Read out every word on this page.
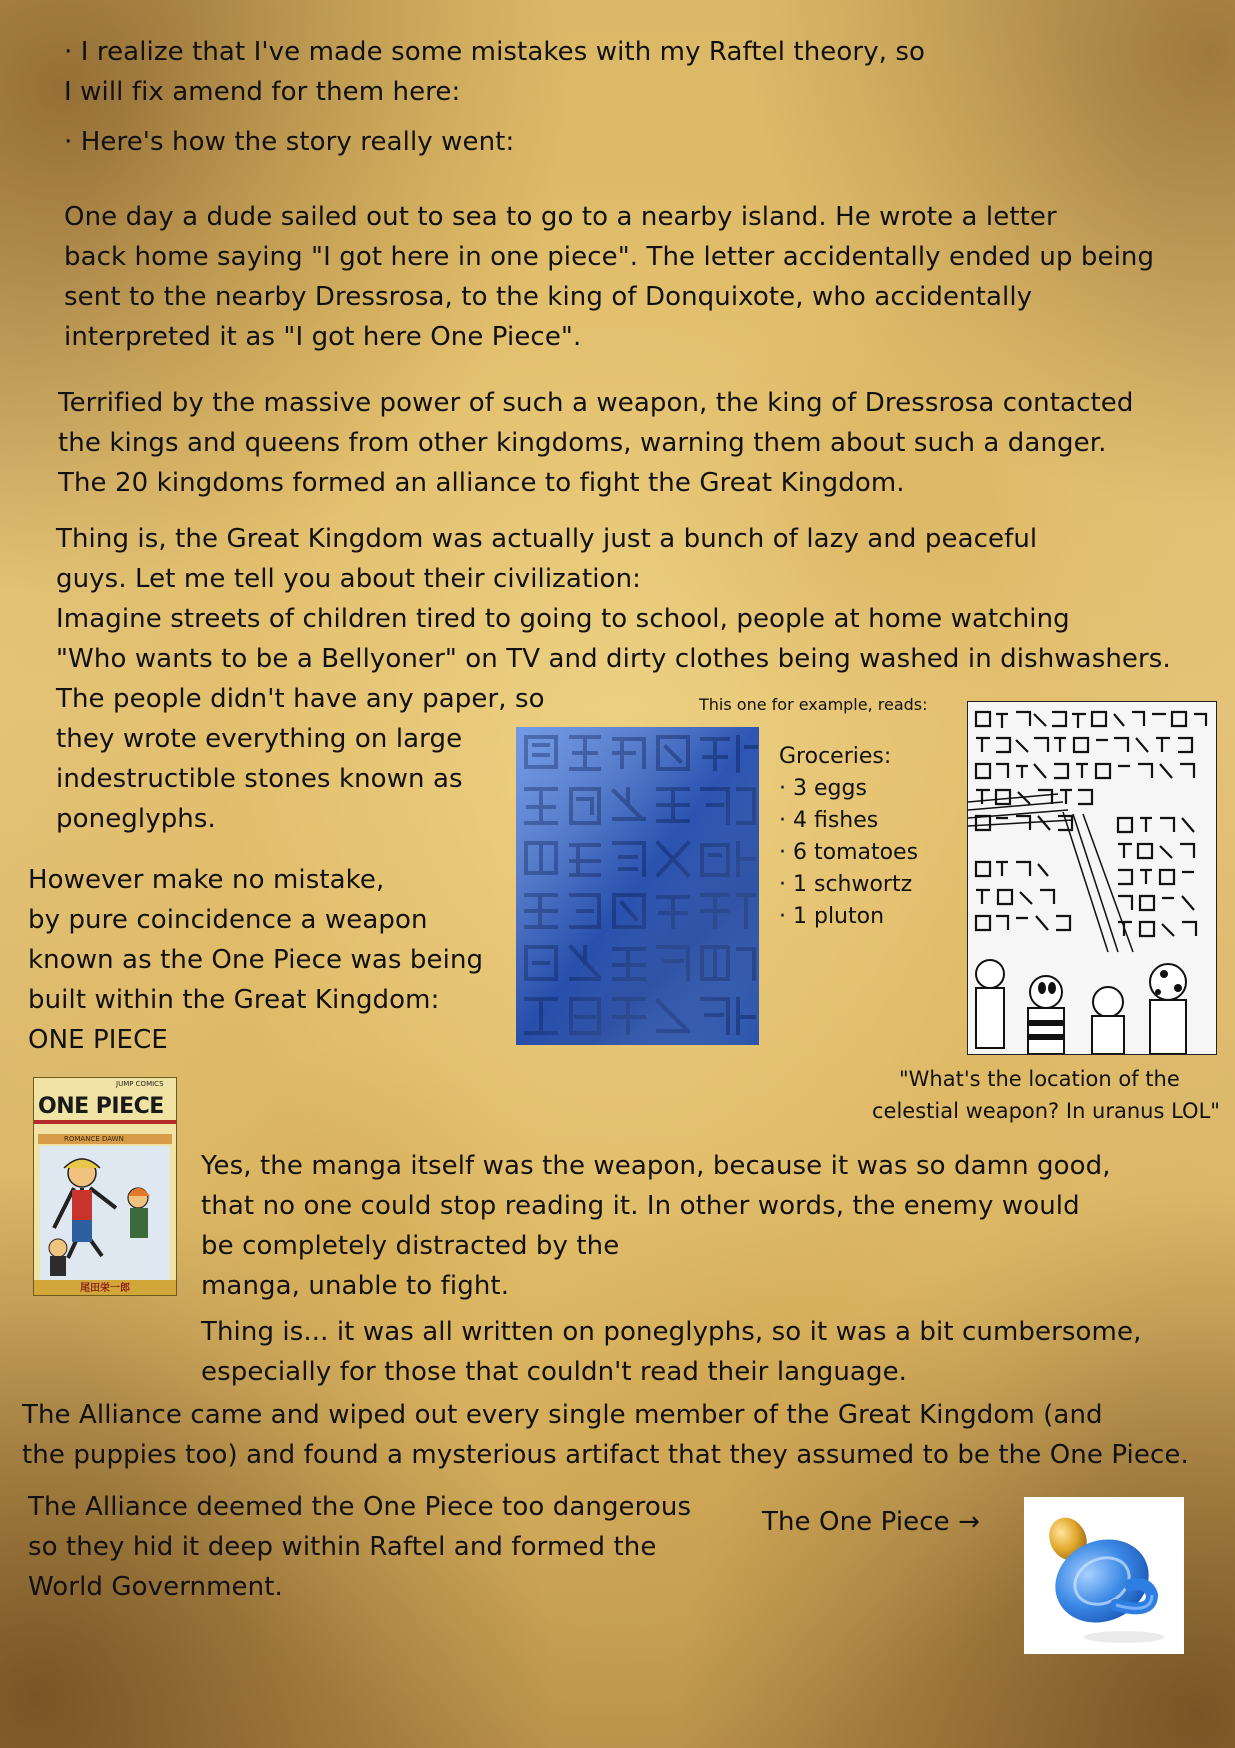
· I realize that I've made some mistakes with my Raftel theory, so
I will fix amend for them here:
· Here's how the story really went:
One day a dude sailed out to sea to go to a nearby island. He wrote a letter
back home saying "I got here in one piece". The letter accidentally ended up being
sent to the nearby Dressrosa, to the king of Donquixote, who accidentally
interpreted it as "I got here One Piece".
Terrified by the massive power of such a weapon, the king of Dressrosa contacted
the kings and queens from other kingdoms, warning them about such a danger.
The 20 kingdoms formed an alliance to fight the Great Kingdom.
Thing is, the Great Kingdom was actually just a bunch of lazy and peaceful
guys. Let me tell you about their civilization:
Imagine streets of children tired to going to school, people at home watching
"Who wants to be a Bellyoner" on TV and dirty clothes being washed in dishwashers.
The people didn't have any paper, so
they wrote everything on large
indestructible stones known as
poneglyphs.
However make no mistake,
by pure coincidence a weapon
known as the One Piece was being
built within the Great Kingdom:
ONE PIECE
This one for example, reads:
Groceries:
· 3 eggs
· 4 fishes
· 6 tomatoes
· 1 schwortz
· 1 pluton
"What's the location of the
celestial weapon? In uranus LOL"
尾田栄一郎
JUMP COMICS
ONE PIECE
ROMANCE DAWN
Yes, the manga itself was the weapon, because it was so damn good,
that no one could stop reading it. In other words, the enemy would
be completely distracted by the
manga, unable to fight.
Thing is... it was all written on poneglyphs, so it was a bit cumbersome,
especially for those that couldn't read their language.
The Alliance came and wiped out every single member of the Great Kingdom (and
the puppies too) and found a mysterious artifact that they assumed to be the One Piece.
The Alliance deemed the One Piece too dangerous
so they hid it deep within Raftel and formed the
World Government.
The One Piece →
